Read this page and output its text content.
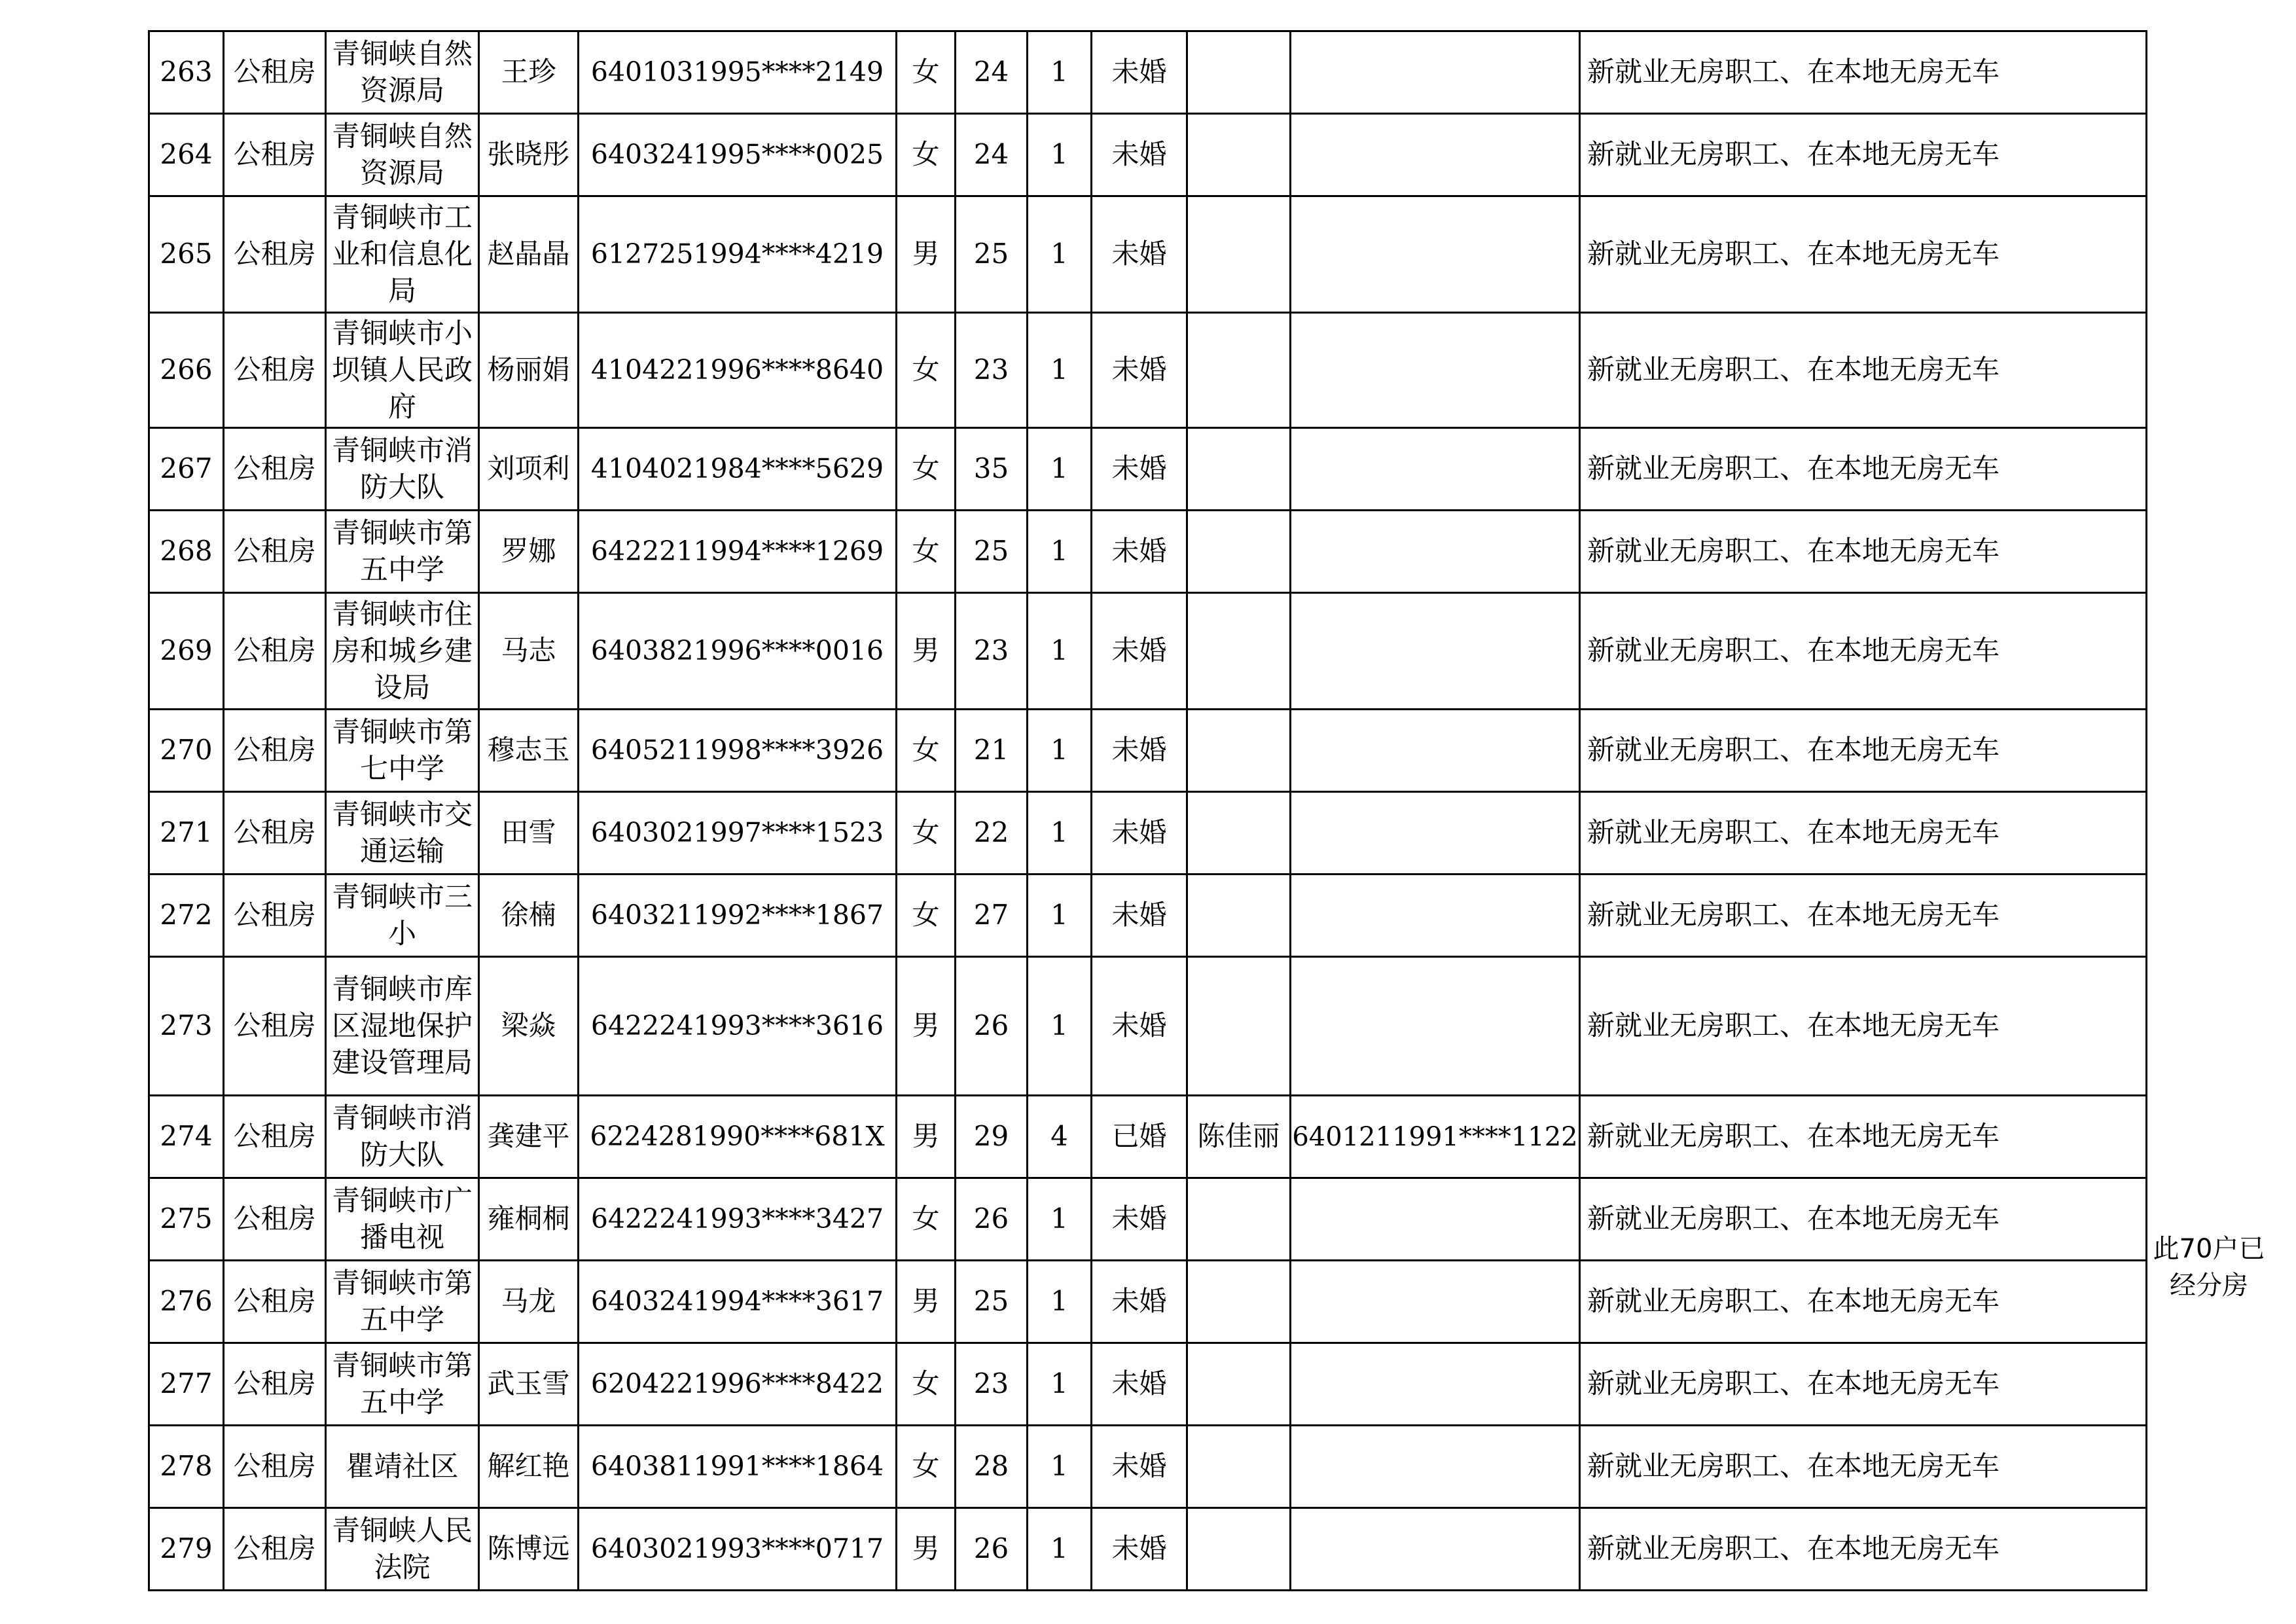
263	公租房	青铜峡自然资源局	王珍	6401031995****2149	女	24	1	未婚			新就业无房职工、在本地无房无车
264	公租房	青铜峡自然资源局	张晓彤	6403241995****0025	女	24	1	未婚			新就业无房职工、在本地无房无车
265	公租房	青铜峡市工业和信息化局	赵晶晶	6127251994****4219	男	25	1	未婚			新就业无房职工、在本地无房无车
266	公租房	青铜峡市小坝镇人民政府	杨丽娟	4104221996****8640	女	23	1	未婚			新就业无房职工、在本地无房无车
267	公租房	青铜峡市消防大队	刘项利	4104021984****5629	女	35	1	未婚			新就业无房职工、在本地无房无车
268	公租房	青铜峡市第五中学	罗娜	6422211994****1269	女	25	1	未婚			新就业无房职工、在本地无房无车
269	公租房	青铜峡市住房和城乡建设局	马志	6403821996****0016	男	23	1	未婚			新就业无房职工、在本地无房无车
270	公租房	青铜峡市第七中学	穆志玉	6405211998****3926	女	21	1	未婚			新就业无房职工、在本地无房无车
271	公租房	青铜峡市交通运输	田雪	6403021997****1523	女	22	1	未婚			新就业无房职工、在本地无房无车
272	公租房	青铜峡市三小	徐楠	6403211992****1867	女	27	1	未婚			新就业无房职工、在本地无房无车
273	公租房	青铜峡市库区湿地保护建设管理局	梁焱	6422241993****3616	男	26	1	未婚			新就业无房职工、在本地无房无车
274	公租房	青铜峡市消防大队	龚建平	6224281990****681X	男	29	4	已婚	陈佳丽	6401211991****1122	新就业无房职工、在本地无房无车
275	公租房	青铜峡市广播电视	雍桐桐	6422241993****3427	女	26	1	未婚			新就业无房职工、在本地无房无车
276	公租房	青铜峡市第五中学	马龙	6403241994****3617	男	25	1	未婚			新就业无房职工、在本地无房无车
277	公租房	青铜峡市第五中学	武玉雪	6204221996****8422	女	23	1	未婚			新就业无房职工、在本地无房无车
278	公租房	瞿靖社区	解红艳	6403811991****1864	女	28	1	未婚			新就业无房职工、在本地无房无车
279	公租房	青铜峡人民法院	陈博远	6403021993****0717	男	26	1	未婚			新就业无房职工、在本地无房无车
此70户已经分房
